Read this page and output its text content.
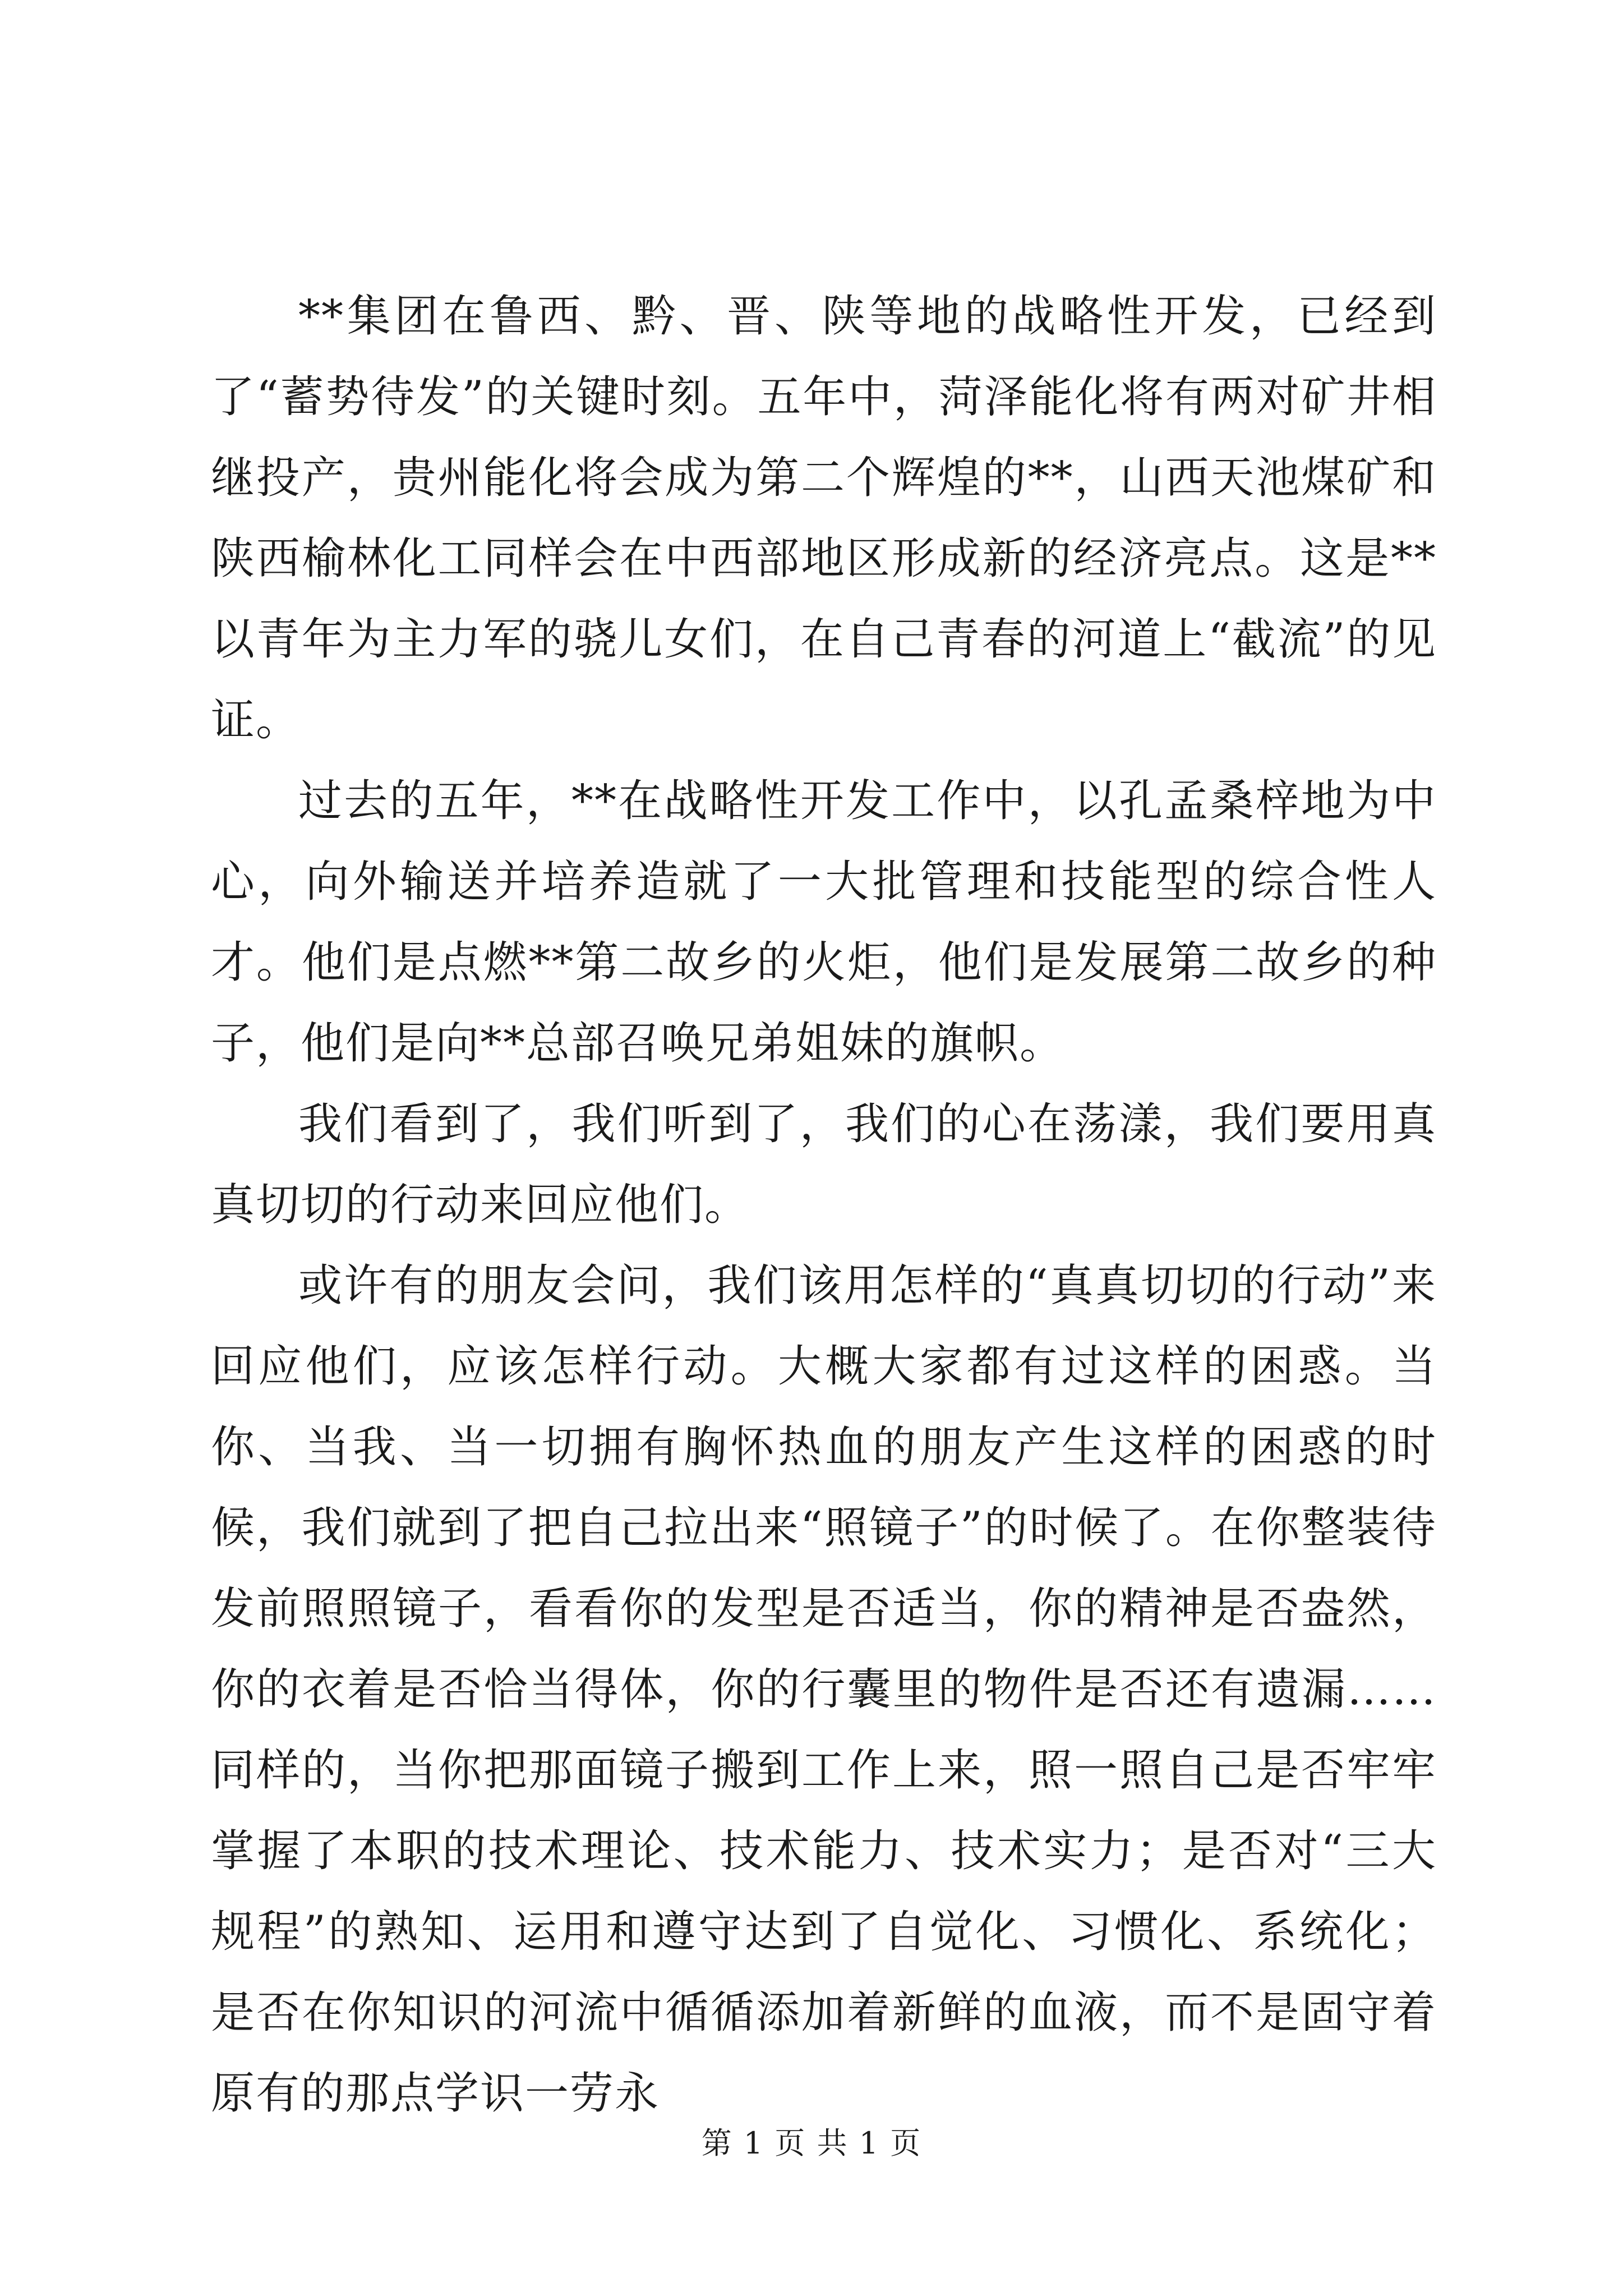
**集团在鲁西、黔、晋、陕等地的战略性开发，已经到了“蓄势待发”的关键时刻。五年中，菏泽能化将有两对矿井相继投产，贵州能化将会成为第二个辉煌的**，山西天池煤矿和陕西榆林化工同样会在中西部地区形成新的经济亮点。这是**以青年为主力军的骁儿女们，在自己青春的河道上“截流”的见证。

过去的五年，**在战略性开发工作中，以孔孟桑梓地为中心，向外输送并培养造就了一大批管理和技能型的综合性人才。他们是点燃**第二故乡的火炬，他们是发展第二故乡的种子，他们是向**总部召唤兄弟姐妹的旗帜。

我们看到了，我们听到了，我们的心在荡漾，我们要用真真切切的行动来回应他们。

或许有的朋友会问，我们该用怎样的“真真切切的行动”来回应他们，应该怎样行动。大概大家都有过这样的困惑。当你、当我、当一切拥有胸怀热血的朋友产生这样的困惑的时候，我们就到了把自己拉出来“照镜子”的时候了。在你整装待发前照照镜子，看看你的发型是否适当，你的精神是否盎然，你的衣着是否恰当得体，你的行囊里的物件是否还有遗漏……同样的，当你把那面镜子搬到工作上来，照一照自己是否牢牢掌握了本职的技术理论、技术能力、技术实力；是否对“三大规程”的熟知、运用和遵守达到了自觉化、习惯化、系统化；是否在你知识的河流中循循添加着新鲜的血液，而不是固守着原有的那点学识一劳永

第 1 页 共 1 页
